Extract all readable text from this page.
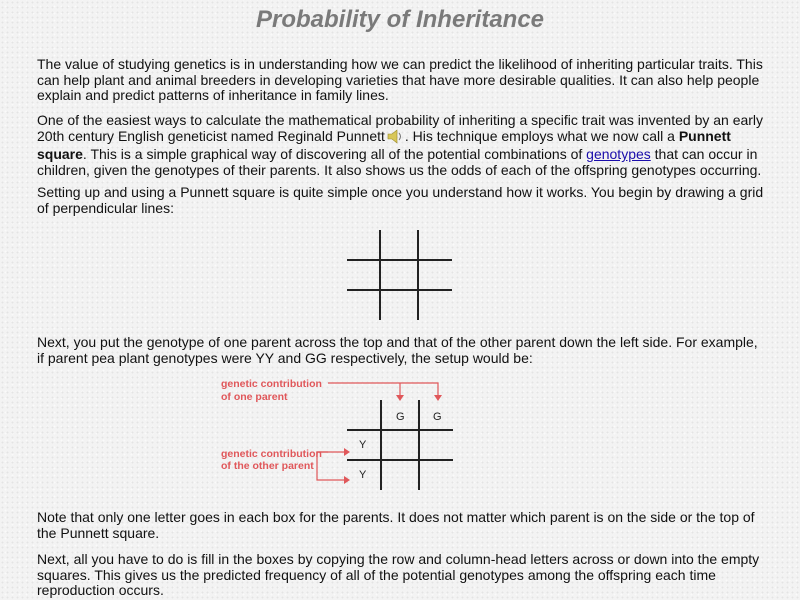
Probability of Inheritance

The value of studying genetics is in understanding how we can predict the likelihood of inheriting particular traits. This can help plant and animal breeders in developing varieties that have more desirable qualities. It can also help people explain and predict patterns of inheritance in family lines.

One of the easiest ways to calculate the mathematical probability of inheriting a specific trait was invented by an early 20th century English geneticist named Reginald Punnett . His technique employs what we now call a Punnett square. This is a simple graphical way of discovering all of the potential combinations of genotypes that can occur in children, given the genotypes of their parents. It also shows us the odds of each of the offspring genotypes occurring.

Setting up and using a Punnett square is quite simple once you understand how it works. You begin by drawing a grid of perpendicular lines:

Next, you put the genotype of one parent across the top and that of the other parent down the left side. For example, if parent pea plant genotypes were YY and GG respectively, the setup would be:

genetic contribution
of one parent
genetic contribution
of the other parent
G	G
Y
Y

Note that only one letter goes in each box for the parents. It does not matter which parent is on the side or the top of the Punnett square.

Next, all you have to do is fill in the boxes by copying the row and column-head letters across or down into the empty squares. This gives us the predicted frequency of all of the potential genotypes among the offspring each time reproduction occurs.
